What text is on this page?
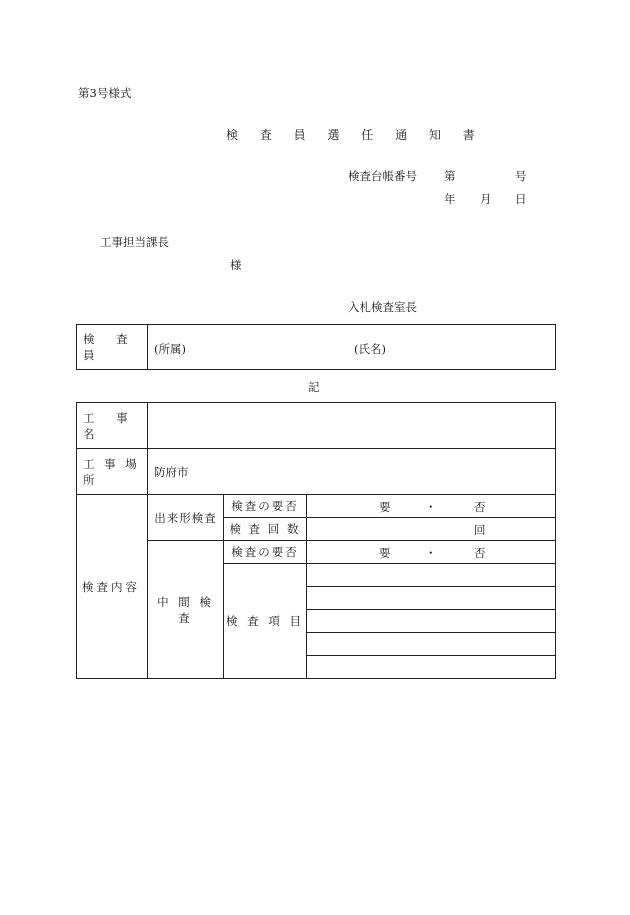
第3号様式
検 査 員 選 任 通 知 書
検査台帳番号 第	号
年 月 日
工事担当課長
様
入札検査室長
検 査 員	(所属)	(氏名)
記
工 事 名			
工 事 場 所	防府市		
検査内容	出来形検査	検査の要否	要 ・ 否

		検 査 回 数	回

	中 間 検 査	検査の要否	要 ・ 否

		検 査 項 目	
